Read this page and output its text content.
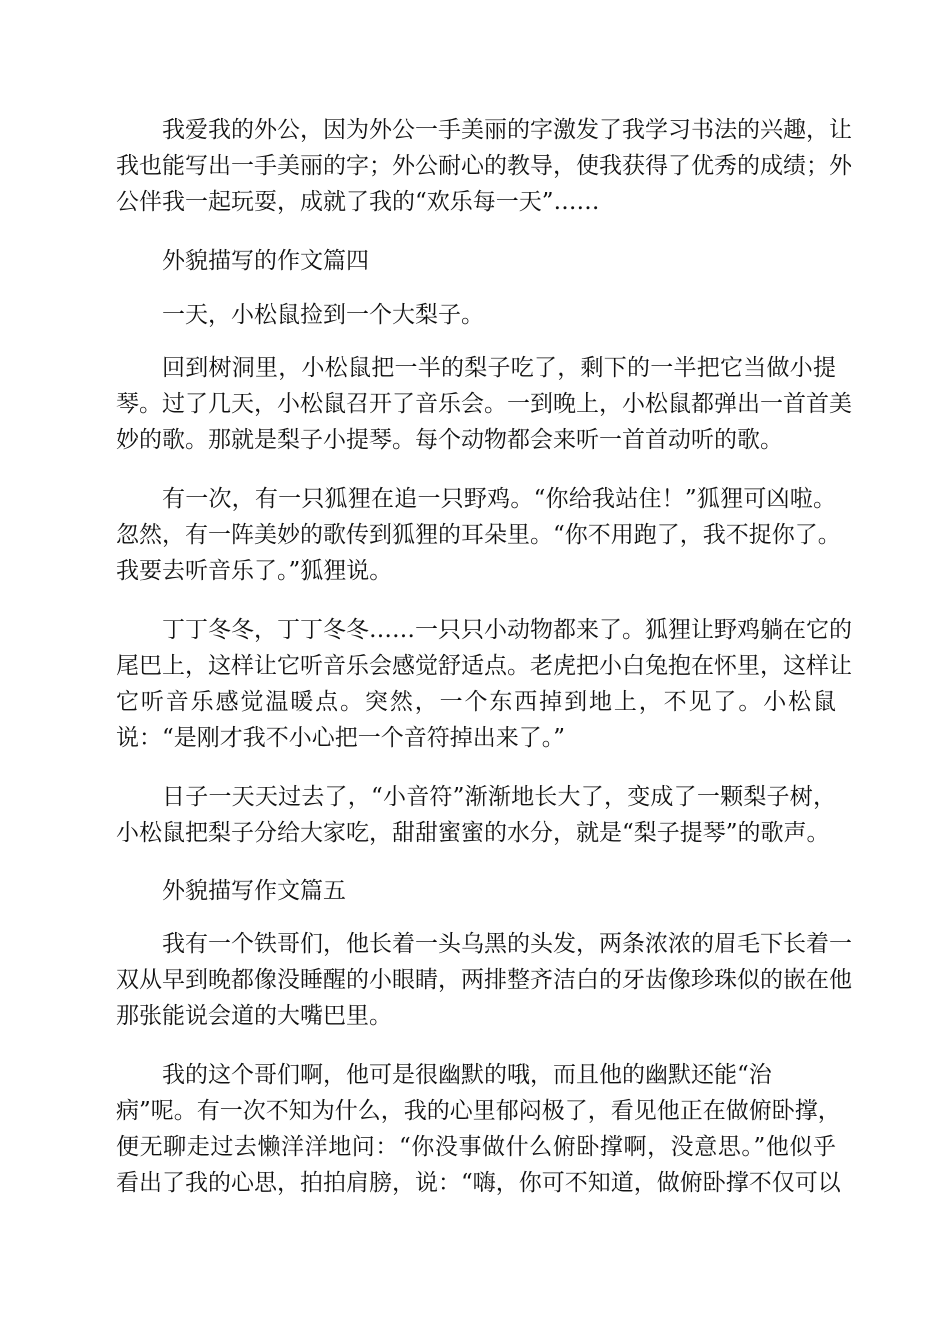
我爱我的外公，因为外公一手美丽的字激发了我学习书法的兴趣，让
我也能写出一手美丽的字；外公耐心的教导，使我获得了优秀的成绩；外
公伴我一起玩耍，成就了我的“欢乐每一天”……
外貌描写的作文篇四
一天，小松鼠捡到一个大梨子。
回到树洞里，小松鼠把一半的梨子吃了，剩下的一半把它当做小提
琴。过了几天，小松鼠召开了音乐会。一到晚上，小松鼠都弹出一首首美
妙的歌。那就是梨子小提琴。每个动物都会来听一首首动听的歌。
有一次，有一只狐狸在追一只野鸡。“你给我站住！”狐狸可凶啦。
忽然，有一阵美妙的歌传到狐狸的耳朵里。“你不用跑了，我不捉你了。
我要去听音乐了。”狐狸说。
丁丁冬冬，丁丁冬冬……一只只小动物都来了。狐狸让野鸡躺在它的
尾巴上，这样让它听音乐会感觉舒适点。老虎把小白兔抱在怀里，这样让
它听音乐感觉温暖点。突然，一个东西掉到地上，不见了。小松鼠
说：“是刚才我不小心把一个音符掉出来了。”
日子一天天过去了，“小音符”渐渐地长大了，变成了一颗梨子树，
小松鼠把梨子分给大家吃，甜甜蜜蜜的水分，就是“梨子提琴”的歌声。
外貌描写作文篇五
我有一个铁哥们，他长着一头乌黑的头发，两条浓浓的眉毛下长着一
双从早到晚都像没睡醒的小眼睛，两排整齐洁白的牙齿像珍珠似的嵌在他
那张能说会道的大嘴巴里。
我的这个哥们啊，他可是很幽默的哦，而且他的幽默还能“治
病”呢。有一次不知为什么，我的心里郁闷极了，看见他正在做俯卧撑，
便无聊走过去懒洋洋地问：“你没事做什么俯卧撑啊，没意思。”他似乎
看出了我的心思，拍拍肩膀，说：“嗨，你可不知道，做俯卧撑不仅可以
